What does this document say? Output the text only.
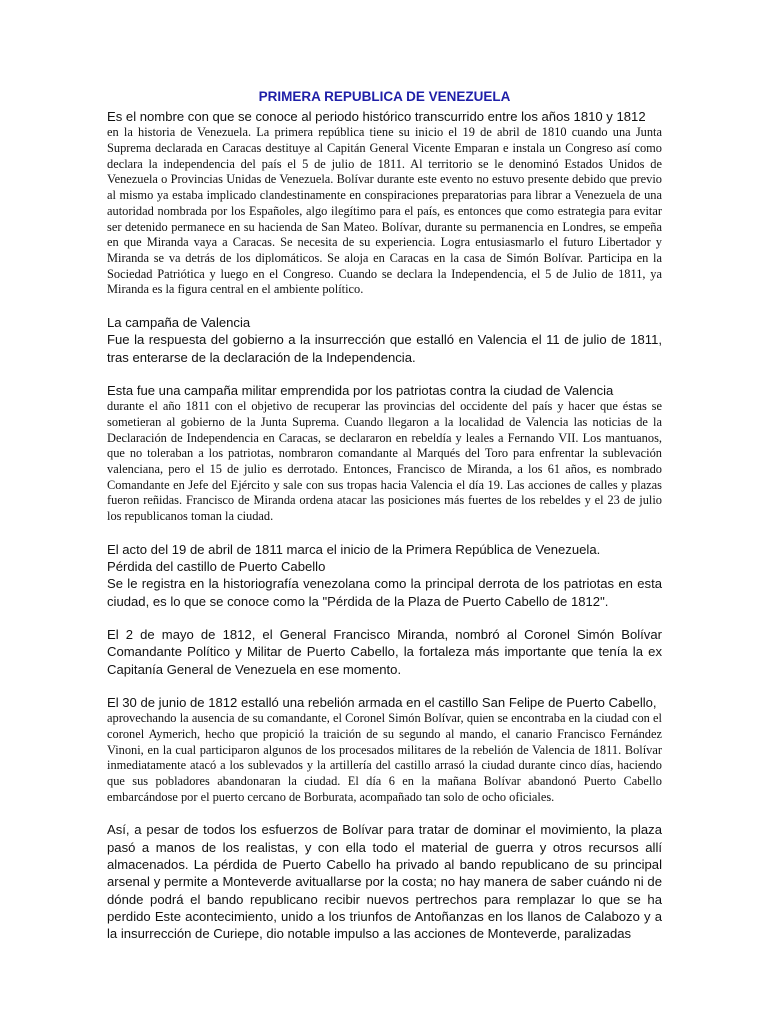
PRIMERA REPUBLICA DE VENEZUELA

Es el nombre con que se conoce al periodo histórico transcurrido entre los años 1810 y 1812

en la historia de Venezuela. La primera república tiene su inicio el 19 de abril de 1810 cuando una Junta Suprema declarada en Caracas destituye al Capitán General Vicente Emparan e instala un Congreso así como declara la independencia del país el 5 de julio de 1811. Al territorio se le denominó Estados Unidos de Venezuela o Provincias Unidas de Venezuela. Bolívar durante este evento no estuvo presente debido que previo al mismo ya estaba implicado clandestinamente en conspiraciones preparatorias para librar a Venezuela de una autoridad nombrada por los Españoles, algo ilegítimo para el país, es entonces que como estrategia para evitar ser detenido permanece en su hacienda de San Mateo. Bolívar, durante su permanencia en Londres, se empeña en que Miranda vaya a Caracas. Se necesita de su experiencia. Logra entusiasmarlo el futuro Libertador y Miranda se va detrás de los diplomáticos. Se aloja en Caracas en la casa de Simón Bolívar. Participa en la Sociedad Patriótica y luego en el Congreso. Cuando se declara la Independencia, el 5 de Julio de 1811, ya Miranda es la figura central en el ambiente político.

La campaña de Valencia

Fue la respuesta del gobierno a la insurrección que estalló en Valencia el 11 de julio de 1811, tras enterarse de la declaración de la Independencia.

Esta fue una campaña militar emprendida por los patriotas contra la ciudad de Valencia

durante el año 1811 con el objetivo de recuperar las provincias del occidente del país y hacer que éstas se sometieran al gobierno de la Junta Suprema. Cuando llegaron a la localidad de Valencia las noticias de la Declaración de Independencia en Caracas, se declararon en rebeldía y leales a Fernando VII. Los mantuanos, que no toleraban a los patriotas, nombraron comandante al Marqués del Toro para enfrentar la sublevación valenciana, pero el 15 de julio es derrotado. Entonces, Francisco de Miranda, a los 61 años, es nombrado Comandante en Jefe del Ejército y sale con sus tropas hacia Valencia el día 19. Las acciones de calles y plazas fueron reñidas. Francisco de Miranda ordena atacar las posiciones más fuertes de los rebeldes y el 23 de julio los republicanos toman la ciudad.

El acto del 19 de abril de 1811 marca el inicio de la Primera República de Venezuela.

Pérdida del castillo de Puerto Cabello

Se le registra en la historiografía venezolana como la principal derrota de los patriotas en esta ciudad, es lo que se conoce como la "Pérdida de la Plaza de Puerto Cabello de 1812".

El 2 de mayo de 1812, el General Francisco Miranda, nombró al Coronel Simón Bolívar Comandante Político y Militar de Puerto Cabello, la fortaleza más importante que tenía la ex Capitanía General de Venezuela en ese momento.

El 30 de junio de 1812 estalló una rebelión armada en el castillo San Felipe de Puerto Cabello,

aprovechando la ausencia de su comandante, el Coronel Simón Bolívar, quien se encontraba en la ciudad con el coronel Aymerich, hecho que propició la traición de su segundo al mando, el canario Francisco Fernández Vinoni, en la cual participaron algunos de los procesados militares de la rebelión de Valencia de 1811. Bolívar inmediatamente atacó a los sublevados y la artillería del castillo arrasó la ciudad durante cinco días, haciendo que sus pobladores abandonaran la ciudad. El día 6 en la mañana Bolívar abandonó Puerto Cabello embarcándose por el puerto cercano de Borburata, acompañado tan solo de ocho oficiales.

Así, a pesar de todos los esfuerzos de Bolívar para tratar de dominar el movimiento, la plaza pasó a manos de los realistas, y con ella todo el material de guerra y otros recursos allí almacenados. La pérdida de Puerto Cabello ha privado al bando republicano de su principal arsenal y permite a Monteverde avituallarse por la costa; no hay manera de saber cuándo ni de dónde podrá el bando republicano recibir nuevos pertrechos para remplazar lo que se ha perdido Este acontecimiento, unido a los triunfos de Antoñanzas en los llanos de Calabozo y a la insurrección de Curiepe, dio notable impulso a las acciones de Monteverde, paralizadas
